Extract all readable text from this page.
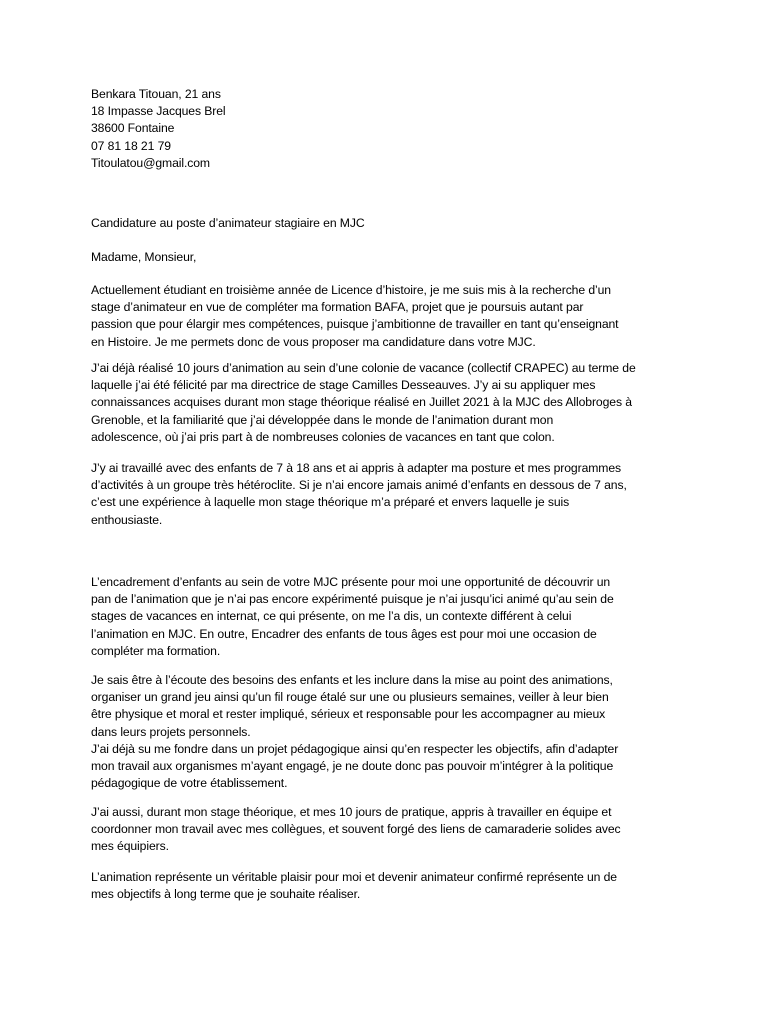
Benkara Titouan, 21 ans
18 Impasse Jacques Brel
38600 Fontaine
07 81 18 21 79
Titoulatou@gmail.com
Candidature au poste d’animateur stagiaire en MJC
Madame, Monsieur,
Actuellement étudiant en troisième année de Licence d’histoire, je me suis mis à la recherche d’un
stage d’animateur en vue de compléter ma formation BAFA, projet que je poursuis autant par
passion que pour élargir mes compétences, puisque j’ambitionne de travailler en tant qu’enseignant
en Histoire. Je me permets donc de vous proposer ma candidature dans votre MJC.
J’ai déjà réalisé 10 jours d’animation au sein d’une colonie de vacance (collectif CRAPEC) au terme de
laquelle j’ai été félicité par ma directrice de stage Camilles Desseauves. J’y ai su appliquer mes
connaissances acquises durant mon stage théorique réalisé en Juillet 2021 à la MJC des Allobroges à
Grenoble, et la familiarité que j’ai développée dans le monde de l’animation durant mon
adolescence, où j’ai pris part à de nombreuses colonies de vacances en tant que colon.
J’y ai travaillé avec des enfants de 7 à 18 ans et ai appris à adapter ma posture et mes programmes
d’activités à un groupe très hétéroclite. Si je n’ai encore jamais animé d’enfants en dessous de 7 ans,
c’est une expérience à laquelle mon stage théorique m’a préparé et envers laquelle je suis
enthousiaste.
L’encadrement d’enfants au sein de votre MJC présente pour moi une opportunité de découvrir un
pan de l’animation que je n’ai pas encore expérimenté puisque je n’ai jusqu’ici animé qu’au sein de
stages de vacances en internat, ce qui présente, on me l’a dis, un contexte différent à celui
l’animation en MJC. En outre, Encadrer des enfants de tous âges est pour moi une occasion de
compléter ma formation.
Je sais être à l’écoute des besoins des enfants et les inclure dans la mise au point des animations,
organiser un grand jeu ainsi qu’un fil rouge étalé sur une ou plusieurs semaines, veiller à leur bien
être physique et moral et rester impliqué, sérieux et responsable pour les accompagner au mieux
dans leurs projets personnels.
J’ai déjà su me fondre dans un projet pédagogique ainsi qu’en respecter les objectifs, afin d’adapter
mon travail aux organismes m’ayant engagé, je ne doute donc pas pouvoir m’intégrer à la politique
pédagogique de votre établissement.
J’ai aussi, durant mon stage théorique, et mes 10 jours de pratique, appris à travailler en équipe et
coordonner mon travail avec mes collègues, et souvent forgé des liens de camaraderie solides avec
mes équipiers.
L’animation représente un véritable plaisir pour moi et devenir animateur confirmé représente un de
mes objectifs à long terme que je souhaite réaliser.
